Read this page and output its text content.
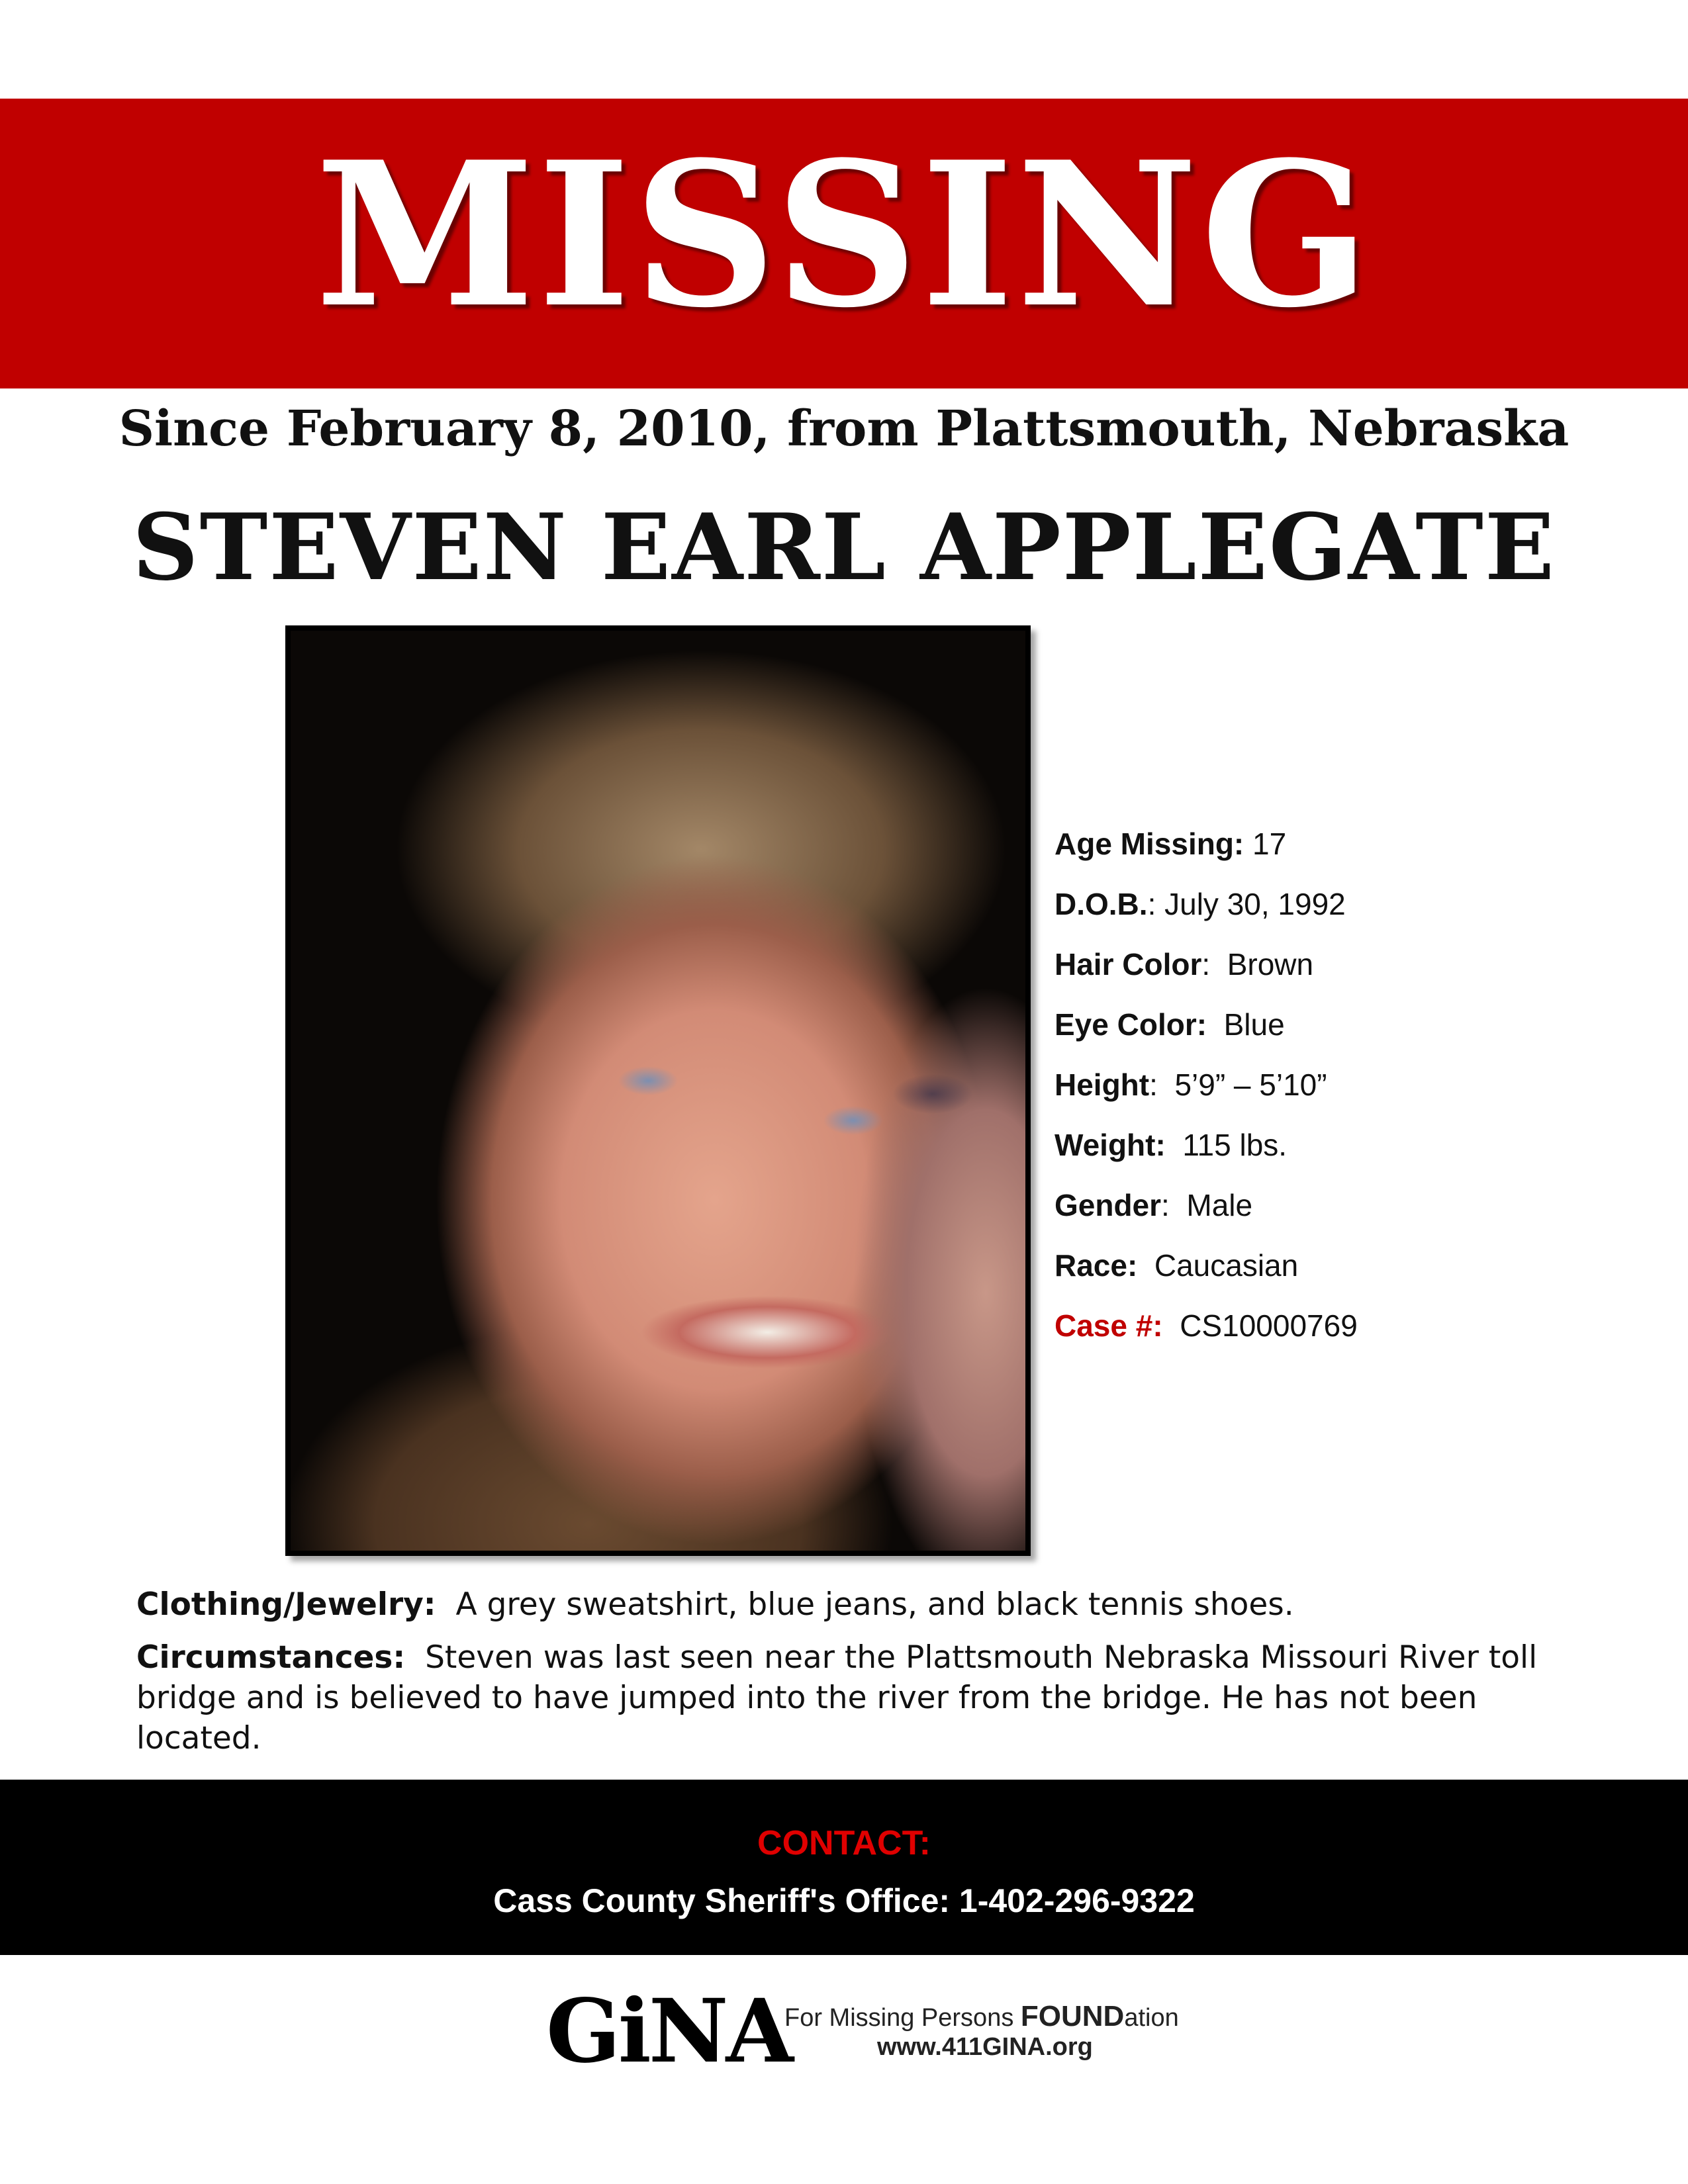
MISSING
Since February 8, 2010, from Plattsmouth, Nebraska
STEVEN EARL APPLEGATE
Age Missing: 17
D.O.B.: July 30, 1992
Hair Color:  Brown
Eye Color:  Blue
Height:  5’9” – 5’10”
Weight:  115 lbs.
Gender:  Male
Race:  Caucasian
Case #:  CS10000769
Clothing/Jewelry: A grey sweatshirt, blue jeans, and black tennis shoes.
Circumstances: Steven was last seen near the Plattsmouth Nebraska Missouri River toll bridge and is believed to have jumped into the river from the bridge. He has not been located.
CONTACT:
Cass County Sheriff's Office: 1-402-296-9322
GiNA
For Missing Persons FOUNDation
www.411GINA.org
